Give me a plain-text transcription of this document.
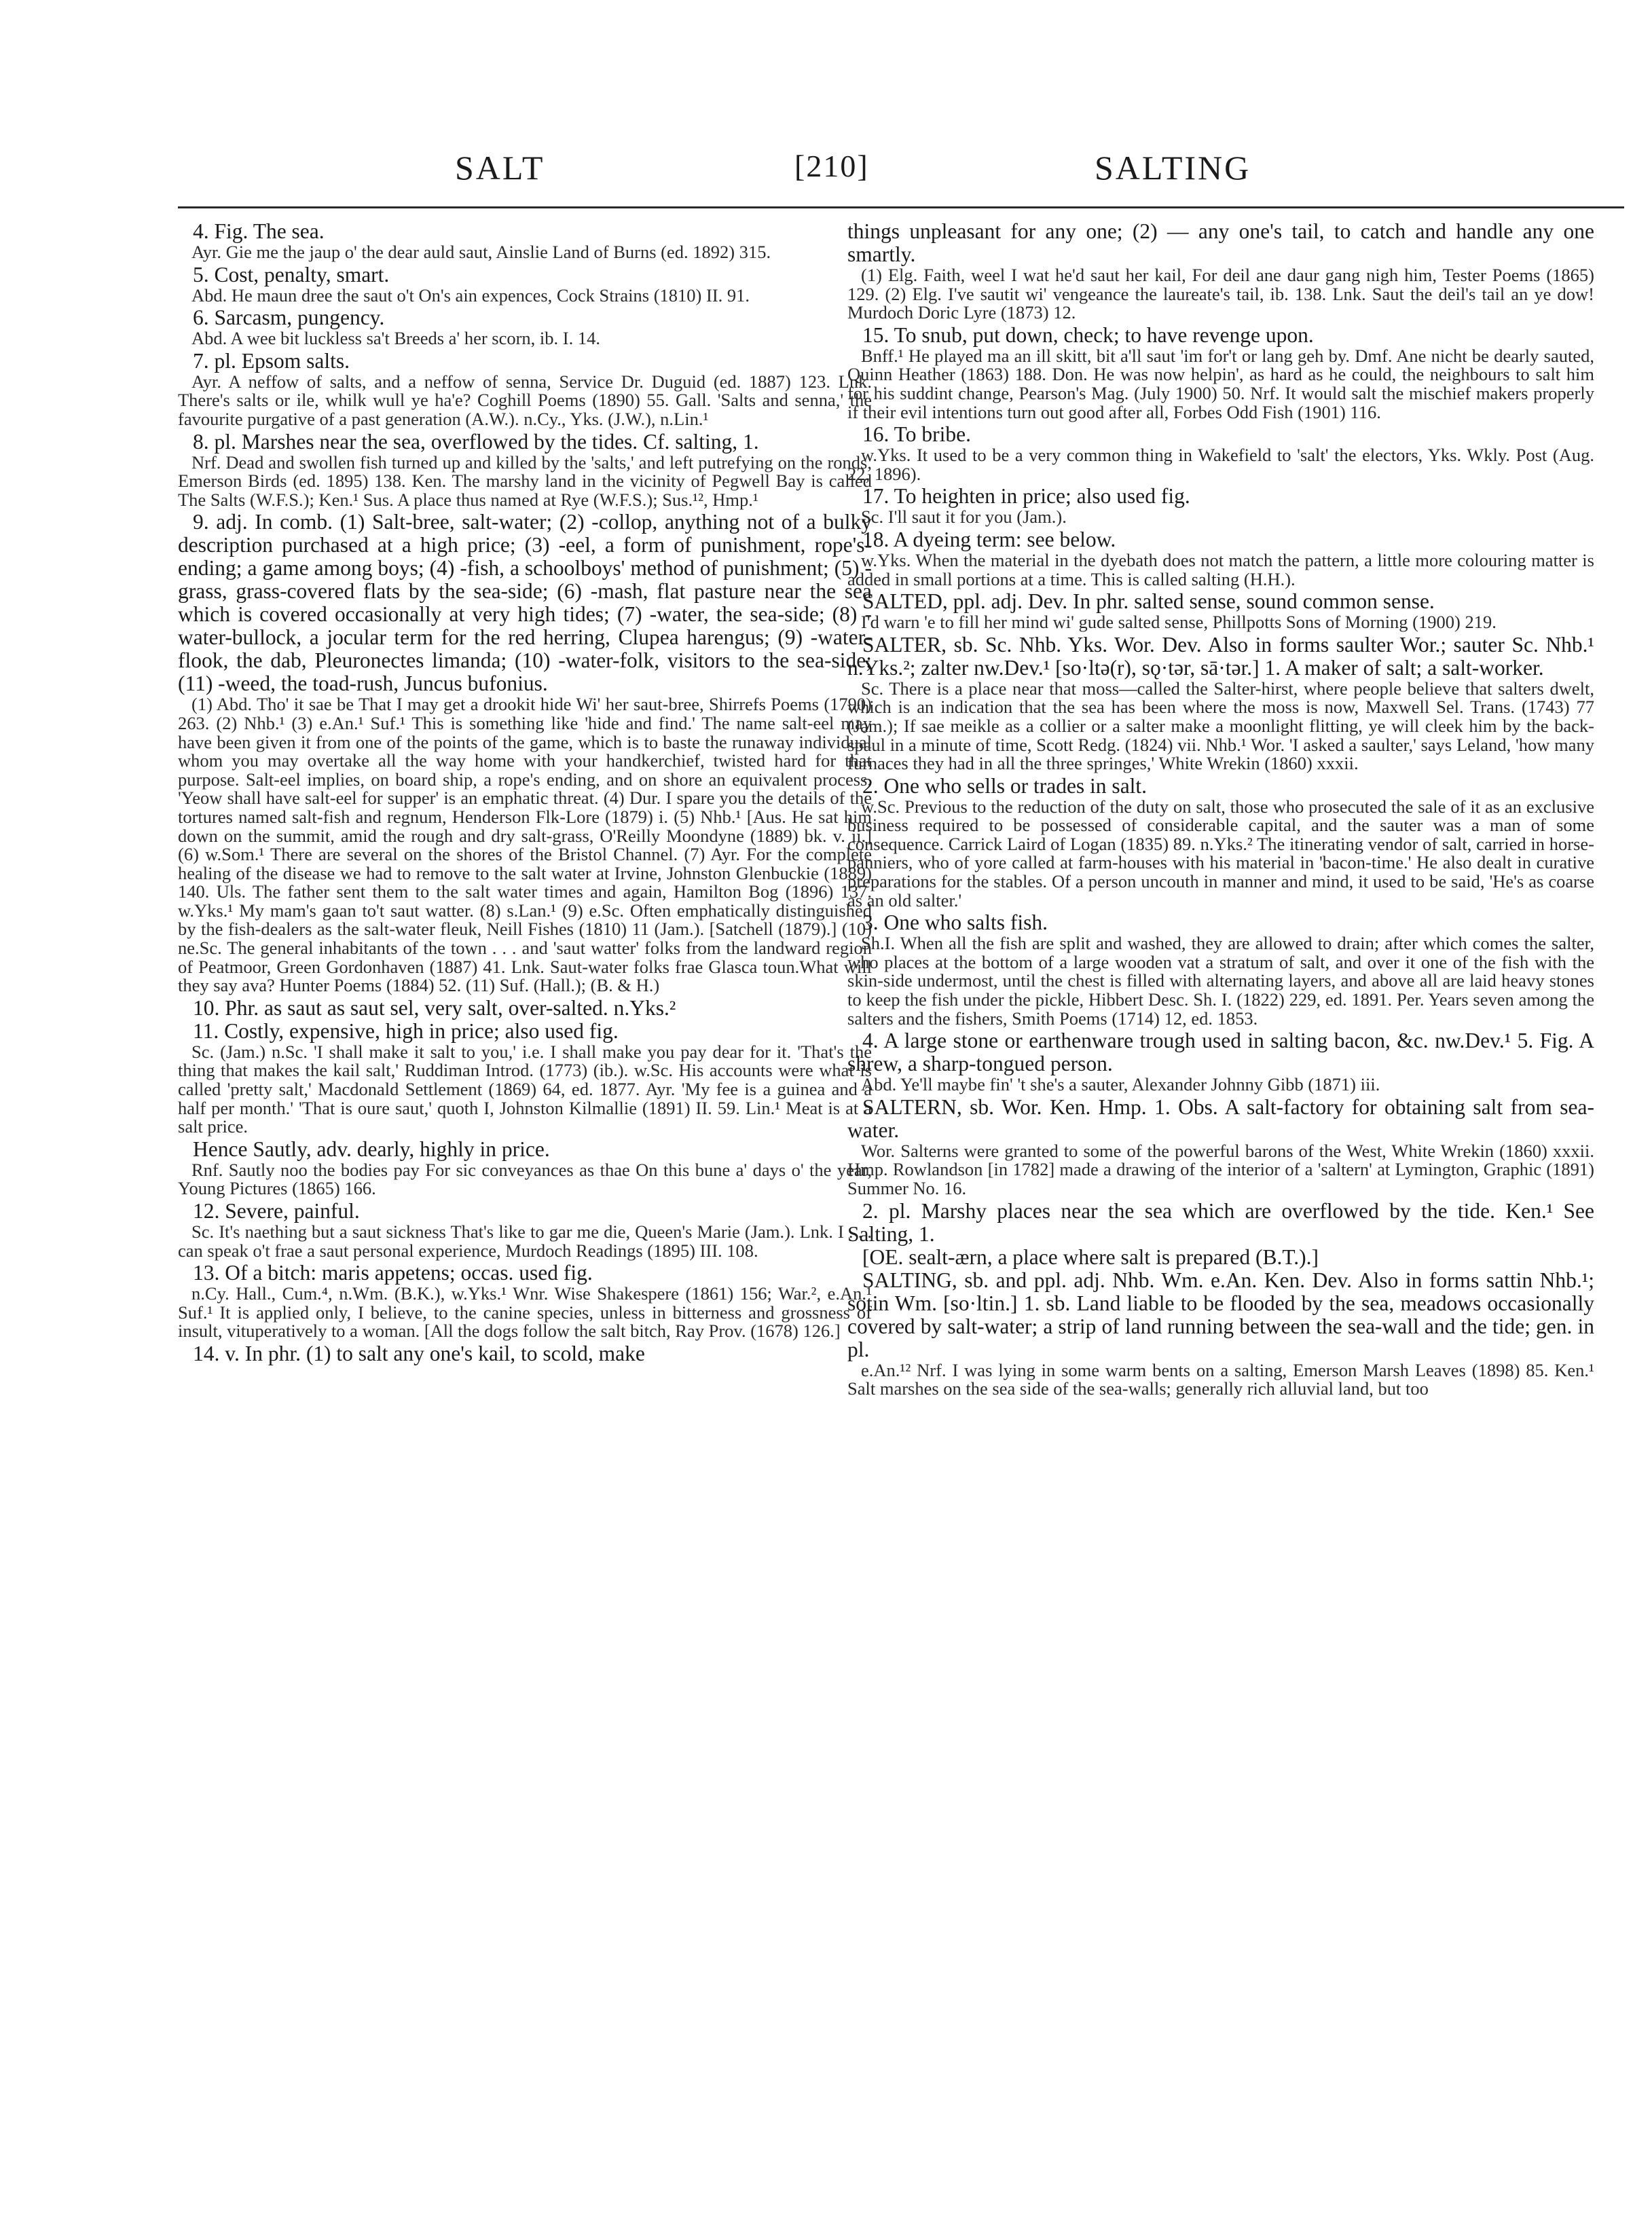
SALT	[210]	SALTING

4. Fig. The sea.

Ayr. Gie me the jaup o' the dear auld saut, Ainslie Land of Burns (ed. 1892) 315.

5. Cost, penalty, smart.

Abd. He maun dree the saut o't On's ain expences, Cock Strains (1810) II. 91.

6. Sarcasm, pungency.

Abd. A wee bit luckless sa't Breeds a' her scorn, ib. I. 14.

7. pl. Epsom salts.

Ayr. A neffow of salts, and a neffow of senna, Service Dr. Duguid (ed. 1887) 123. Lnk. There's salts or ile, whilk wull ye ha'e? Coghill Poems (1890) 55. Gall. 'Salts and senna,' the favourite purgative of a past generation (A.W.). n.Cy., Yks. (J.W.), n.Lin.¹

8. pl. Marshes near the sea, overflowed by the tides. Cf. salting, 1.

Nrf. Dead and swollen fish turned up and killed by the 'salts,' and left putrefying on the ronds, Emerson Birds (ed. 1895) 138. Ken. The marshy land in the vicinity of Pegwell Bay is called The Salts (W.F.S.); Ken.¹ Sus. A place thus named at Rye (W.F.S.); Sus.¹², Hmp.¹

9. adj. In comb. (1) Salt-bree, salt-water; (2) -collop, anything not of a bulky description purchased at a high price; (3) -eel, a form of punishment, rope's-ending; a game among boys; (4) -fish, a schoolboys' method of punishment; (5) -grass, grass-covered flats by the sea-side; (6) -mash, flat pasture near the sea which is covered occasionally at very high tides; (7) -water, the sea-side; (8) -water-bullock, a jocular term for the red herring, Clupea harengus; (9) -water-flook, the dab, Pleuronectes limanda; (10) -water-folk, visitors to the sea-side; (11) -weed, the toad-rush, Juncus bufonius.

(1) Abd. Tho' it sae be That I may get a drookit hide Wi' her saut-bree, Shirrefs Poems (1790) 263. (2) Nhb.¹ (3) e.An.¹ Suf.¹ This is something like 'hide and find.' The name salt-eel may have been given it from one of the points of the game, which is to baste the runaway individual whom you may overtake all the way home with your handkerchief, twisted hard for that purpose. Salt-eel implies, on board ship, a rope's ending, and on shore an equivalent process. 'Yeow shall have salt-eel for supper' is an emphatic threat. (4) Dur. I spare you the details of the tortures named salt-fish and regnum, Henderson Flk-Lore (1879) i. (5) Nhb.¹ [Aus. He sat him down on the summit, amid the rough and dry salt-grass, O'Reilly Moondyne (1889) bk. v. ii.] (6) w.Som.¹ There are several on the shores of the Bristol Channel. (7) Ayr. For the complete healing of the disease we had to remove to the salt water at Irvine, Johnston Glenbuckie (1889) 140. Uls. The father sent them to the salt water times and again, Hamilton Bog (1896) 137. w.Yks.¹ My mam's gaan to't saut watter. (8) s.Lan.¹ (9) e.Sc. Often emphatically distinguished by the fish-dealers as the salt-water fleuk, Neill Fishes (1810) 11 (Jam.). [Satchell (1879).] (10) ne.Sc. The general inhabitants of the town . . . and 'saut watter' folks from the landward region of Peatmoor, Green Gordonhaven (1887) 41. Lnk. Saut-water folks frae Glasca toun.What will they say ava? Hunter Poems (1884) 52. (11) Suf. (Hall.); (B. & H.)

10. Phr. as saut as saut sel, very salt, over-salted. n.Yks.²

11. Costly, expensive, high in price; also used fig.

Sc. (Jam.) n.Sc. 'I shall make it salt to you,' i.e. I shall make you pay dear for it. 'That's the thing that makes the kail salt,' Ruddiman Introd. (1773) (ib.). w.Sc. His accounts were what is called 'pretty salt,' Macdonald Settlement (1869) 64, ed. 1877. Ayr. 'My fee is a guinea and a half per month.' 'That is oure saut,' quoth I, Johnston Kilmallie (1891) II. 59. Lin.¹ Meat is at a salt price.

Hence Sautly, adv. dearly, highly in price.

Rnf. Sautly noo the bodies pay For sic conveyances as thae On this bune a' days o' the year, Young Pictures (1865) 166.

12. Severe, painful.

Sc. It's naething but a saut sickness That's like to gar me die, Queen's Marie (Jam.). Lnk. I . . . can speak o't frae a saut personal experience, Murdoch Readings (1895) III. 108.

13. Of a bitch: maris appetens; occas. used fig.

n.Cy. Hall., Cum.⁴, n.Wm. (B.K.), w.Yks.¹ Wnr. Wise Shakespere (1861) 156; War.², e.An.¹ Suf.¹ It is applied only, I believe, to the canine species, unless in bitterness and grossness of insult, vituperatively to a woman. [All the dogs follow the salt bitch, Ray Prov. (1678) 126.]

14. v. In phr. (1) to salt any one's kail, to scold, make

things unpleasant for any one; (2) — any one's tail, to catch and handle any one smartly.

(1) Elg. Faith, weel I wat he'd saut her kail, For deil ane daur gang nigh him, Tester Poems (1865) 129. (2) Elg. I've sautit wi' vengeance the laureate's tail, ib. 138. Lnk. Saut the deil's tail an ye dow! Murdoch Doric Lyre (1873) 12.

15. To snub, put down, check; to have revenge upon.

Bnff.¹ He played ma an ill skitt, bit a'll saut 'im for't or lang geh by. Dmf. Ane nicht be dearly sauted, Quinn Heather (1863) 188. Don. He was now helpin', as hard as he could, the neighbours to salt him for his suddint change, Pearson's Mag. (July 1900) 50. Nrf. It would salt the mischief makers properly if their evil intentions turn out good after all, Forbes Odd Fish (1901) 116.

16. To bribe.

w.Yks. It used to be a very common thing in Wakefield to 'salt' the electors, Yks. Wkly. Post (Aug. 22, 1896).

17. To heighten in price; also used fig.

Sc. I'll saut it for you (Jam.).

18. A dyeing term: see below.

w.Yks. When the material in the dyebath does not match the pattern, a little more colouring matter is added in small portions at a time. This is called salting (H.H.).

SALTED, ppl. adj. Dev. In phr. salted sense, sound common sense.

I'd warn 'e to fill her mind wi' gude salted sense, Phillpotts Sons of Morning (1900) 219.

SALTER, sb. Sc. Nhb. Yks. Wor. Dev. Also in forms saulter Wor.; sauter Sc. Nhb.¹ n.Yks.²; zalter nw.Dev.¹ [so·ltə(r), sǫ·tər, sā·tər.] 1. A maker of salt; a salt-worker.

Sc. There is a place near that moss—called the Salter-hirst, where people believe that salters dwelt, which is an indication that the sea has been where the moss is now, Maxwell Sel. Trans. (1743) 77 (Jam.); If sae meikle as a collier or a salter make a moonlight flitting, ye will cleek him by the back-spaul in a minute of time, Scott Redg. (1824) vii. Nhb.¹ Wor. 'I asked a saulter,' says Leland, 'how many furnaces they had in all the three springes,' White Wrekin (1860) xxxii.

2. One who sells or trades in salt.

w.Sc. Previous to the reduction of the duty on salt, those who prosecuted the sale of it as an exclusive business required to be possessed of considerable capital, and the sauter was a man of some consequence. Carrick Laird of Logan (1835) 89. n.Yks.² The itinerating vendor of salt, carried in horse-panniers, who of yore called at farm-houses with his material in 'bacon-time.' He also dealt in curative preparations for the stables. Of a person uncouth in manner and mind, it used to be said, 'He's as coarse as an old salter.'

3. One who salts fish.

Sh.I. When all the fish are split and washed, they are allowed to drain; after which comes the salter, who places at the bottom of a large wooden vat a stratum of salt, and over it one of the fish with the skin-side undermost, until the chest is filled with alternating layers, and above all are laid heavy stones to keep the fish under the pickle, Hibbert Desc. Sh. I. (1822) 229, ed. 1891. Per. Years seven among the salters and the fishers, Smith Poems (1714) 12, ed. 1853.

4. A large stone or earthenware trough used in salting bacon, &c. nw.Dev.¹ 5. Fig. A shrew, a sharp-tongued person.

Abd. Ye'll maybe fin' 't she's a sauter, Alexander Johnny Gibb (1871) iii.

SALTERN, sb. Wor. Ken. Hmp. 1. Obs. A salt-factory for obtaining salt from sea-water.

Wor. Salterns were granted to some of the powerful barons of the West, White Wrekin (1860) xxxii. Hmp. Rowlandson [in 1782] made a drawing of the interior of a 'saltern' at Lymington, Graphic (1891) Summer No. 16.

2. pl. Marshy places near the sea which are overflowed by the tide. Ken.¹ See Salting, 1.

[OE. sealt-ærn, a place where salt is prepared (B.T.).]

SALTING, sb. and ppl. adj. Nhb. Wm. e.An. Ken. Dev. Also in forms sattin Nhb.¹; sotin Wm. [so·ltin.] 1. sb. Land liable to be flooded by the sea, meadows occasionally covered by salt-water; a strip of land running between the sea-wall and the tide; gen. in pl.

e.An.¹² Nrf. I was lying in some warm bents on a salting, Emerson Marsh Leaves (1898) 85. Ken.¹ Salt marshes on the sea side of the sea-walls; generally rich alluvial land, but too
